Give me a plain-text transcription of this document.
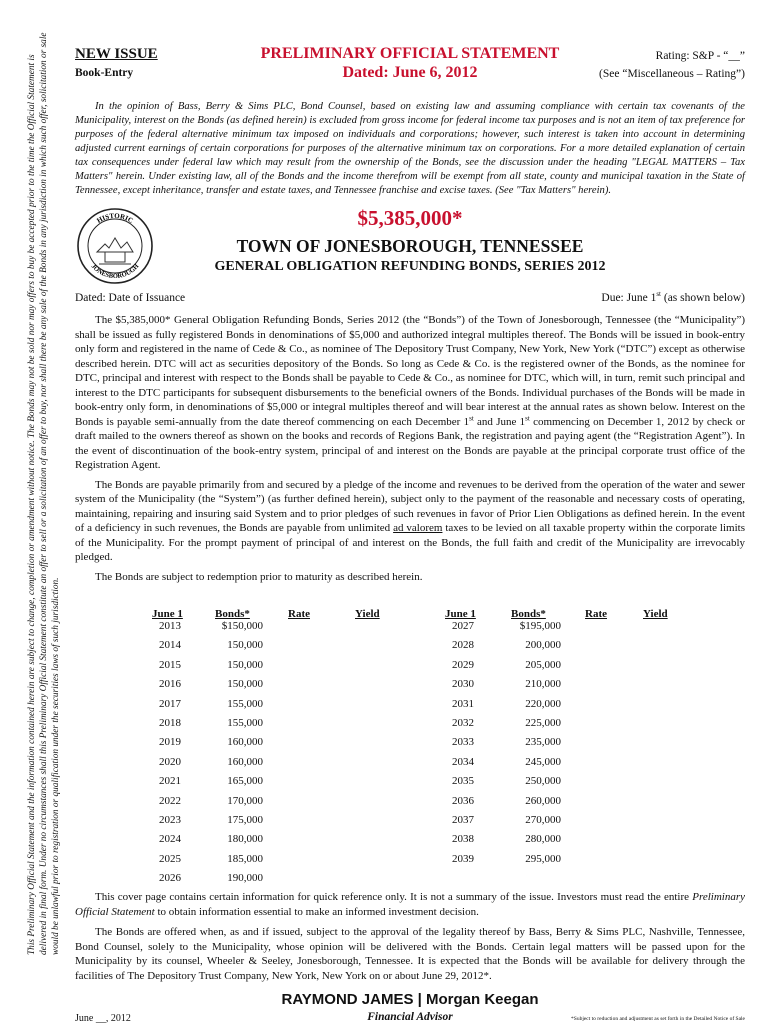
This Preliminary Official Statement and the information contained herein are subject to change, completion or amendment without notice. The Bonds may not be sold nor may offers to buy be accepted prior to the time the Official Statement is delivered in final form. Under no circumstances shall this Preliminary Official Statement constitute an offer to sell or a solicitation of an offer to buy, nor shall there be any sale of the Bonds in any jurisdiction in which such offer, solicitation or sale would be unlawful prior to registration or qualification under the securities laws of such jurisdiction.
NEW ISSUE
Book-Entry
PRELIMINARY OFFICIAL STATEMENT
Dated: June 6, 2012
Rating: S&P - “__”
(See “Miscellaneous – Rating”)

In the opinion of Bass, Berry & Sims PLC, Bond Counsel, based on existing law and assuming compliance with certain tax covenants of the Municipality, interest on the Bonds (as defined herein) is excluded from gross income for federal income tax purposes and is not an item of tax preference for purposes of the federal alternative minimum tax imposed on individuals and corporations; however, such interest is taken into account in determining adjusted current earnings of certain corporations for purposes of the alternative minimum tax on corporations. For a more detailed explanation of certain tax consequences under federal law which may result from the ownership of the Bonds, see the discussion under the heading "LEGAL MATTERS – Tax Matters" herein. Under existing law, all of the Bonds and the income therefrom will be exempt from all state, county and municipal taxation in the State of Tennessee, except inheritance, transfer and estate taxes, and Tennessee franchise and excise taxes. (See "Tax Matters" herein).

HISTORIC
JONESBOROUGH
$5,385,000*
TOWN OF JONESBOROUGH, TENNESSEE
GENERAL OBLIGATION REFUNDING BONDS, SERIES 2012
Dated: Date of Issuance	Due: June 1st (as shown below)

The $5,385,000* General Obligation Refunding Bonds, Series 2012 (the “Bonds”) of the Town of Jonesborough, Tennessee (the “Municipality”) shall be issued as fully registered Bonds in denominations of $5,000 and authorized integral multiples thereof. The Bonds will be issued in book-entry only form and registered in the name of Cede & Co., as nominee of The Depository Trust Company, New York, New York (“DTC”) except as otherwise described herein. DTC will act as securities depository of the Bonds. So long as Cede & Co. is the registered owner of the Bonds, as the nominee for DTC, principal and interest with respect to the Bonds shall be payable to Cede & Co., as nominee for DTC, which will, in turn, remit such principal and interest to the DTC participants for subsequent disbursements to the beneficial owners of the Bonds. Individual purchases of the Bonds will be made in book-entry only form, in denominations of $5,000 or integral multiples thereof and will bear interest at the annual rates as shown below. Interest on the Bonds is payable semi-annually from the date thereof commencing on each December 1st and June 1st commencing on December 1, 2012 by check or draft mailed to the owners thereof as shown on the books and records of Regions Bank, the registration and paying agent (the “Registration Agent”). In the event of discontinuation of the book-entry system, principal of and interest on the Bonds are payable at the principal corporate trust office of the Registration Agent.

The Bonds are payable primarily from and secured by a pledge of the income and revenues to be derived from the operation of the water and sewer system of the Municipality (the “System”) (as further defined herein), subject only to the payment of the reasonable and necessary costs of operating, maintaining, repairing and insuring said System and to prior pledges of such revenues in favor of Prior Lien Obligations as defined herein. In the event of a deficiency in such revenues, the Bonds are payable from unlimited ad valorem taxes to be levied on all taxable property within the corporate limits of the Municipality. For the prompt payment of principal of and interest on the Bonds, the full faith and credit of the Municipality are irrevocably pledged.

The Bonds are subject to redemption prior to maturity as described herein.

June 1	Bonds*	Rate	Yield	June 1	Bonds*	Rate	Yield
2013	$150,000
2014	150,000
2015	150,000
2016	150,000
2017	155,000
2018	155,000
2019	160,000
2020	160,000
2021	165,000
2022	170,000
2023	175,000
2024	180,000
2025	185,000
2026	190,000
2027	$195,000
2028	200,000
2029	205,000
2030	210,000
2031	220,000
2032	225,000
2033	235,000
2034	245,000
2035	250,000
2036	260,000
2037	270,000
2038	280,000
2039	295,000

This cover page contains certain information for quick reference only. It is not a summary of the issue. Investors must read the entire Preliminary Official Statement to obtain information essential to make an informed investment decision.

The Bonds are offered when, as and if issued, subject to the approval of the legality thereof by Bass, Berry & Sims PLC, Nashville, Tennessee, Bond Counsel, solely to the Municipality, whose opinion will be delivered with the Bonds. Certain legal matters will be passed upon for the Municipality by its counsel, Wheeler & Seeley, Jonesborough, Tennessee. It is expected that the Bonds will be available for delivery through the facilities of The Depository Trust Company, New York, New York on or about June 29, 2012*.

RAYMOND JAMES | Morgan Keegan
Financial Advisor
June __, 2012	*Subject to reduction and adjustment as set forth in the Detailed Notice of Sale
